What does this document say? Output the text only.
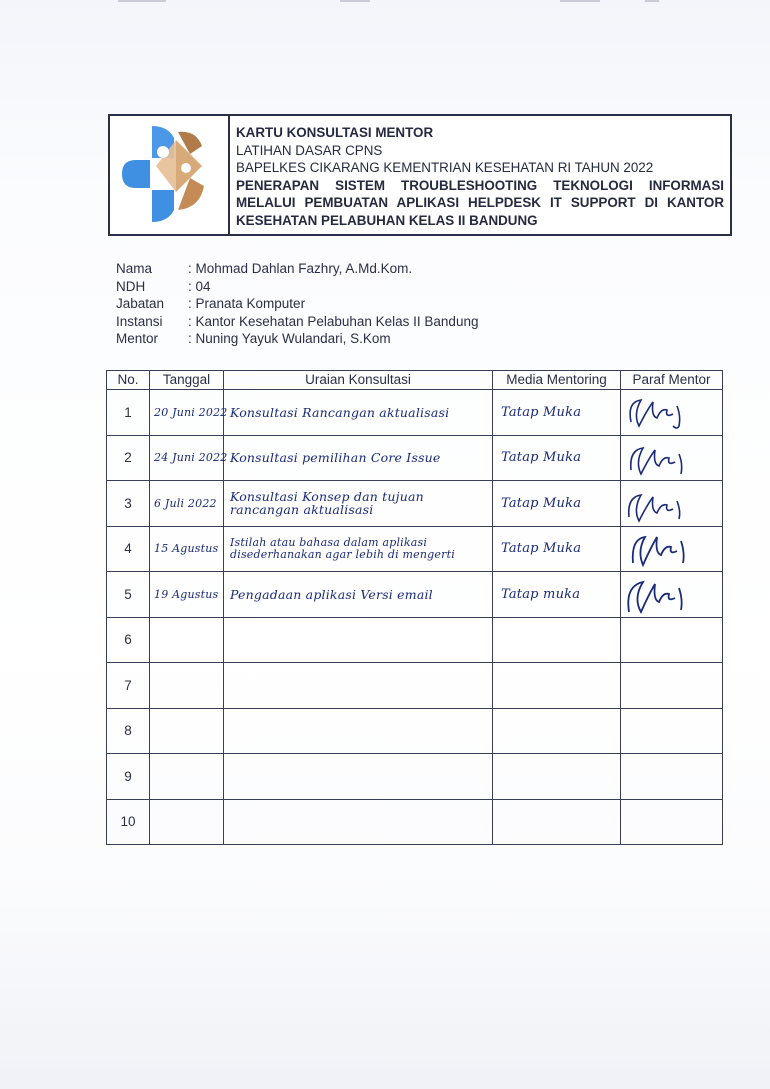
KARTU KONSULTASI MENTOR
LATIHAN DASAR CPNS
BAPELKES CIKARANG KEMENTRIAN KESEHATAN RI TAHUN 2022
PENERAPAN SISTEM TROUBLESHOOTING TEKNOLOGI INFORMASI
MELALUI PEMBUATAN APLIKASI HELPDESK IT SUPPORT DI KANTOR
KESEHATAN PELABUHAN KELAS II BANDUNG
Nama	: Mohmad Dahlan Fazhry, A.Md.Kom.
NDH	: 04
Jabatan	: Pranata Komputer
Instansi	: Kantor Kesehatan Pelabuhan Kelas II Bandung
Mentor	: Nuning Yayuk Wulandari, S.Kom
No.	Tanggal	Uraian Konsultasi	Media Mentoring	Paraf Mentor
1	20 Juni 2022	Konsultasi Rancangan aktualisasi	Tatap Muka	

2	24 Juni 2022	Konsultasi pemilihan Core Issue	Tatap Muka	

3	6 Juli 2022	Konsultasi Konsep dan tujuan rancangan aktualisasi	Tatap Muka	

4	15 Agustus	Istilah atau bahasa dalam aplikasi disederhanakan agar lebih di mengerti	Tatap Muka	

5	19 Agustus	Pengadaan aplikasi Versi email	Tatap muka	

6				
7				
8				
9				
10				
